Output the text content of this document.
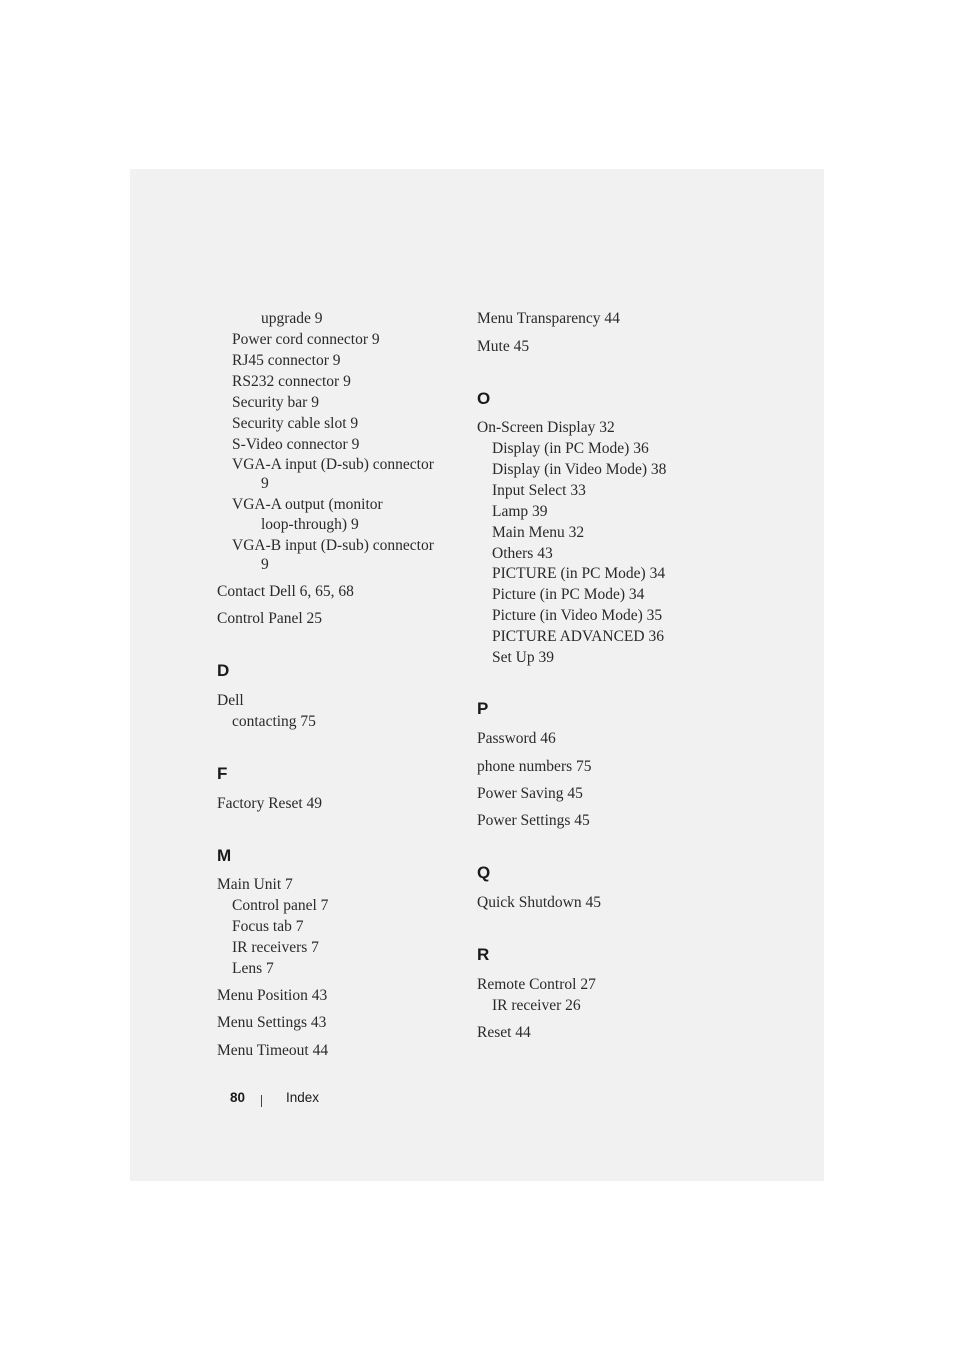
upgrade 9
Power cord connector 9
RJ45 connector 9
RS232 connector 9
Security bar 9
Security cable slot 9
S-Video connector 9
VGA-A input (D-sub) connector
9
VGA-A output (monitor
loop-through) 9
VGA-B input (D-sub) connector
9
Contact Dell 6, 65, 68
Control Panel 25
D
Dell
contacting 75
F
Factory Reset 49
M
Main Unit 7
Control panel 7
Focus tab 7
IR receivers 7
Lens 7
Menu Position 43
Menu Settings 43
Menu Timeout 44
Menu Transparency 44
Mute 45
O
On-Screen Display 32
Display (in PC Mode) 36
Display (in Video Mode) 38
Input Select 33
Lamp 39
Main Menu 32
Others 43
PICTURE (in PC Mode) 34
Picture (in PC Mode) 34
Picture (in Video Mode) 35
PICTURE ADVANCED 36
Set Up 39
P
Password 46
phone numbers 75
Power Saving 45
Power Settings 45
Q
Quick Shutdown 45
R
Remote Control 27
IR receiver 26
Reset 44
80	Index
